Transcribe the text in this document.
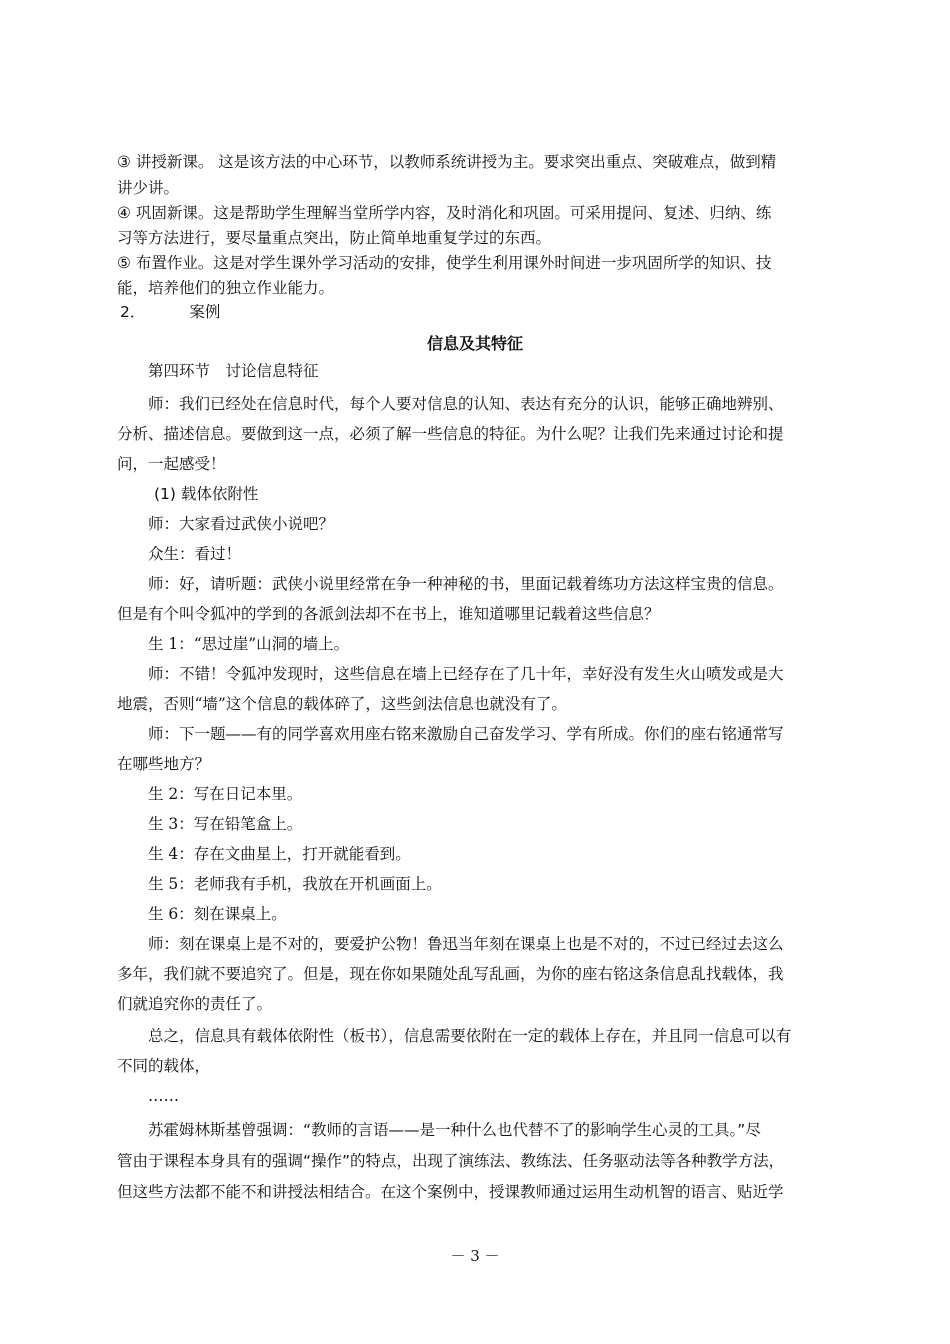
③ 讲授新课。 这是该方法的中心环节，以教师系统讲授为主。要求突出重点、突破难点，做到精
讲少讲。
④ 巩固新课。这是帮助学生理解当堂所学内容，及时消化和巩固。可采用提问、复述、归纳、练
习等方法进行，要尽量重点突出，防止简单地重复学过的东西。
⑤ 布置作业。这是对学生课外学习活动的安排，使学生利用课外时间进一步巩固所学的知识、技
能，培养他们的独立作业能力。
2．	案例
信息及其特征
第四环节　讨论信息特征
师：我们已经处在信息时代，每个人要对信息的认知、表达有充分的认识，能够正确地辨别、
分析、描述信息。要做到这一点，必须了解一些信息的特征。为什么呢？让我们先来通过讨论和提
问，一起感受！
(1) 载体依附性
师：大家看过武侠小说吧？
众生：看过！
师：好，请听题：武侠小说里经常在争一种神秘的书，里面记载着练功方法这样宝贵的信息。
但是有个叫令狐冲的学到的各派剑法却不在书上，谁知道哪里记载着这些信息？
生 1：“思过崖”山洞的墙上。
师：不错！令狐冲发现时，这些信息在墙上已经存在了几十年，幸好没有发生火山喷发或是大
地震，否则“墙”这个信息的载体碎了，这些剑法信息也就没有了。
师：下一题——有的同学喜欢用座右铭来激励自己奋发学习、学有所成。你们的座右铭通常写
在哪些地方？
生 2：写在日记本里。
生 3：写在铅笔盒上。
生 4：存在文曲星上，打开就能看到。
生 5：老师我有手机，我放在开机画面上。
生 6：刻在课桌上。
师：刻在课桌上是不对的，要爱护公物！鲁迅当年刻在课桌上也是不对的，不过已经过去这么
多年，我们就不要追究了。但是，现在你如果随处乱写乱画，为你的座右铭这条信息乱找载体，我
们就追究你的责任了。
总之，信息具有载体依附性（板书），信息需要依附在一定的载体上存在，并且同一信息可以有
不同的载体，
……
苏霍姆林斯基曾强调：“教师的言语——是一种什么也代替不了的影响学生心灵的工具。”尽
管由于课程本身具有的强调“操作”的特点，出现了演练法、教练法、任务驱动法等各种教学方法，
但这些方法都不能不和讲授法相结合。在这个案例中，授课教师通过运用生动机智的语言、贴近学
－ 3 －
